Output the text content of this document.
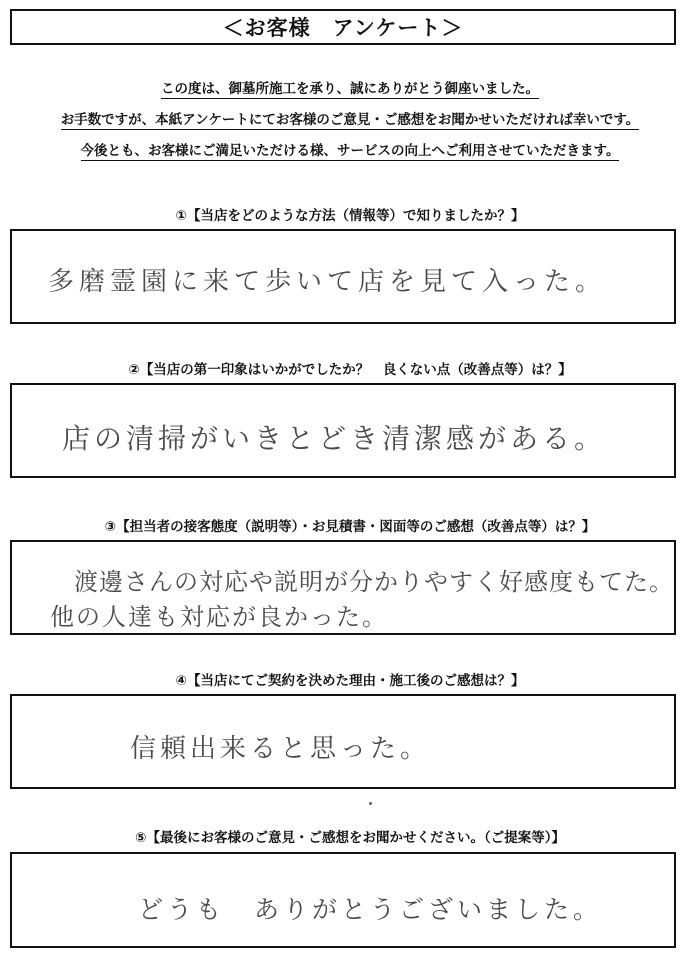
＜お客様　アンケート＞
この度は、御墓所施工を承り、誠にありがとう御座いました。
お手数ですが、本紙アンケートにてお客様のご意見・ご感想をお聞かせいただければ幸いです。
今後とも、お客様にご満足いただける様、サービスの向上へご利用させていただきます。
①【当店をどのような方法（情報等）で知りましたか？】
多磨霊園に来て歩いて店を見て入った。
②【当店の第一印象はいかがでしたか？　良くない点（改善点等）は？】
店の清掃がいきとどき清潔感がある。
③【担当者の接客態度（説明等）・お見積書・図面等のご感想（改善点等）は？】
渡邊さんの対応や説明が分かりやすく好感度もてた。
他の人達も対応が良かった。
④【当店にてご契約を決めた理由・施工後のご感想は？】
信頼出来ると思った。
⑤【最後にお客様のご意見・ご感想をお聞かせください。（ご提案等）】
どうも　ありがとうございました。
